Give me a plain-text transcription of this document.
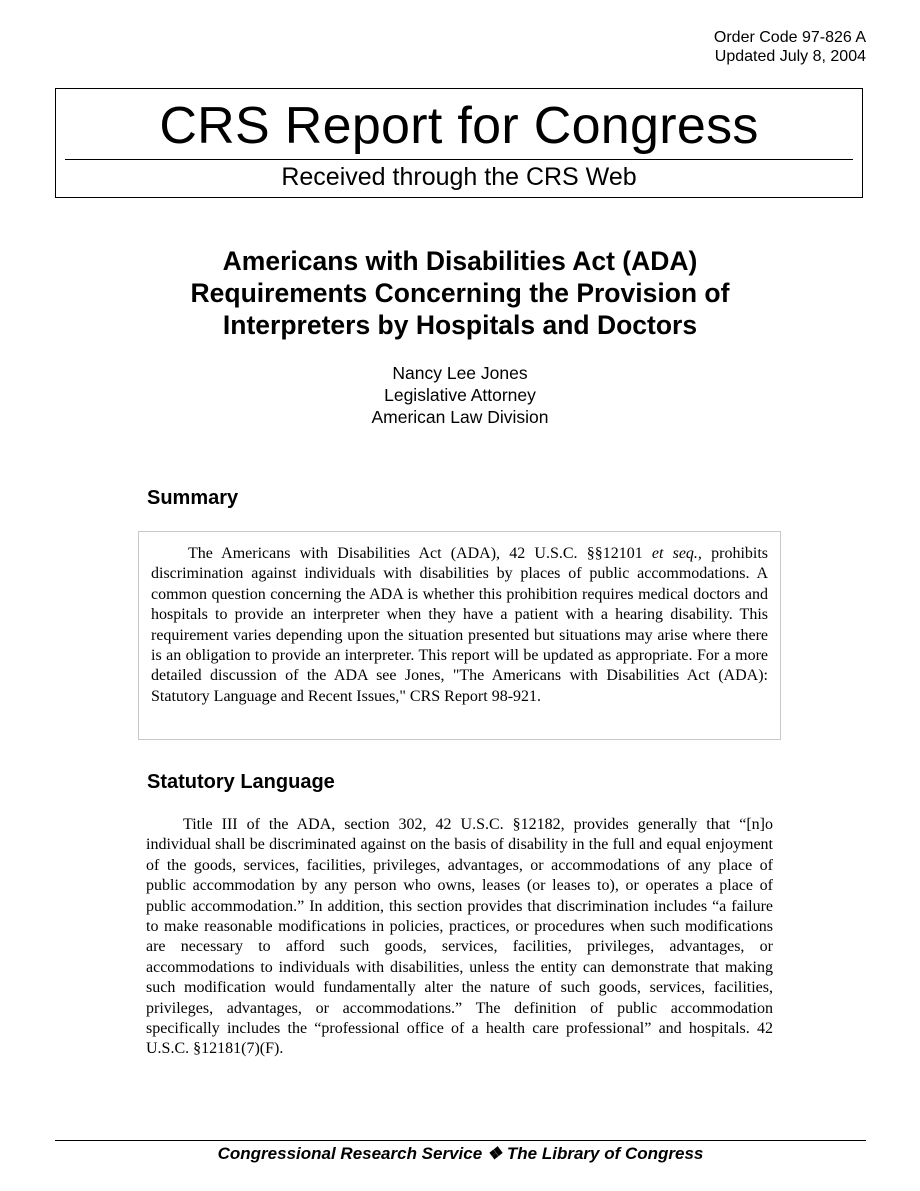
Order Code 97-826 A
Updated July 8, 2004
CRS Report for Congress
Received through the CRS Web
Americans with Disabilities Act (ADA)
Requirements Concerning the Provision of
Interpreters by Hospitals and Doctors
Nancy Lee Jones
Legislative Attorney
American Law Division
Summary

The Americans with Disabilities Act (ADA), 42 U.S.C. §§12101 et seq., prohibits discrimination against individuals with disabilities by places of public accommodations. A common question concerning the ADA is whether this prohibition requires medical doctors and hospitals to provide an interpreter when they have a patient with a hearing disability. This requirement varies depending upon the situation presented but situations may arise where there is an obligation to provide an interpreter. This report will be updated as appropriate. For a more detailed discussion of the ADA see Jones, "The Americans with Disabilities Act (ADA): Statutory Language and Recent Issues," CRS Report 98-921.

Statutory Language

Title III of the ADA, section 302, 42 U.S.C. §12182, provides generally that “[n]o individual shall be discriminated against on the basis of disability in the full and equal enjoyment of the goods, services, facilities, privileges, advantages, or accommodations of any place of public accommodation by any person who owns, leases (or leases to), or operates a place of public accommodation.” In addition, this section provides that discrimination includes “a failure to make reasonable modifications in policies, practices, or procedures when such modifications are necessary to afford such goods, services, facilities, privileges, advantages, or accommodations to individuals with disabilities, unless the entity can demonstrate that making such modification would fundamentally alter the nature of such goods, services, facilities, privileges, advantages, or accommodations.” The definition of public accommodation specifically includes the “professional office of a health care professional” and hospitals. 42 U.S.C. §12181(7)(F).

Congressional Research Service ❖ The Library of Congress
